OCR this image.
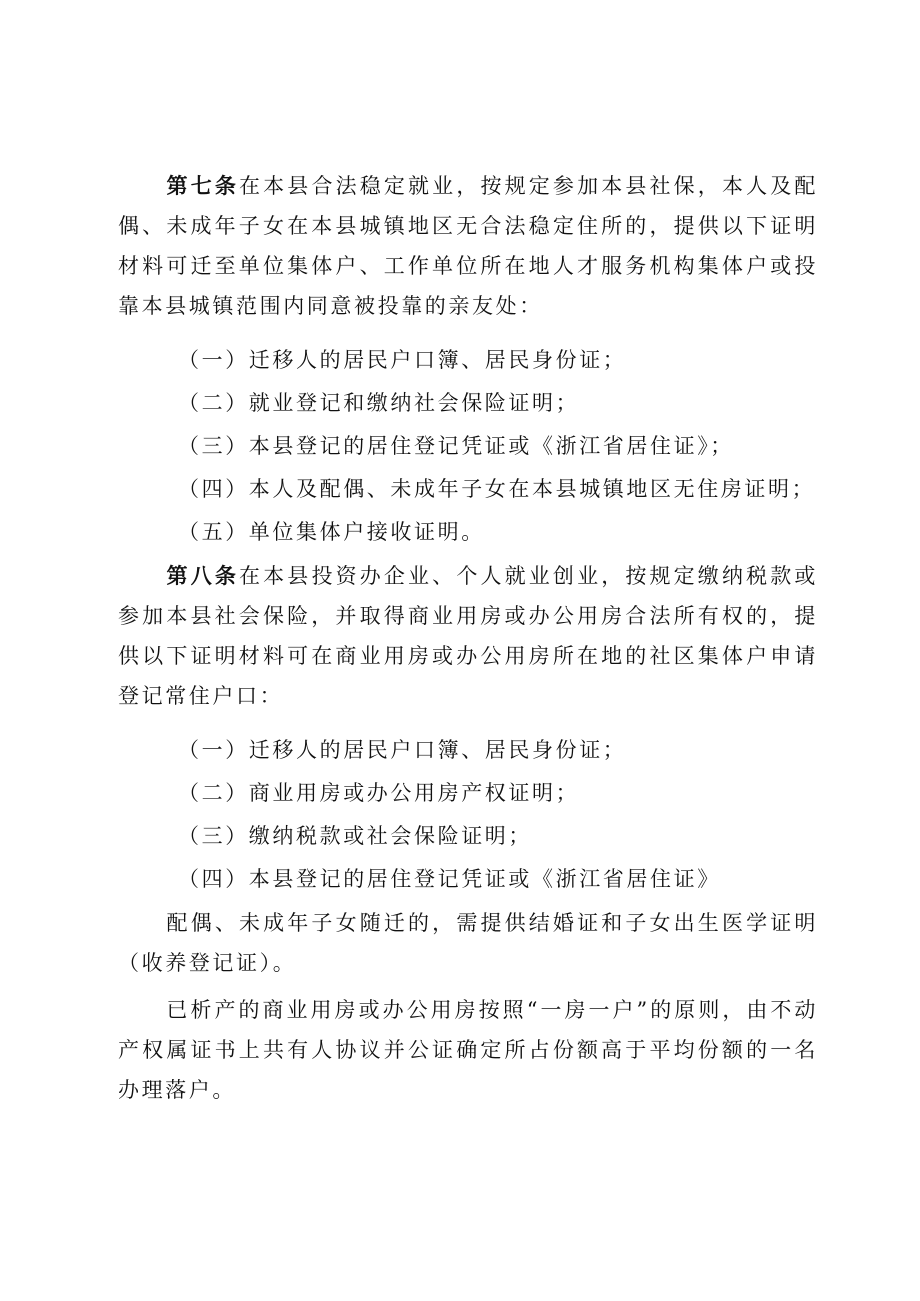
第七条在本县合法稳定就业，按规定参加本县社保，本人及配偶、未成年子女在本县城镇地区无合法稳定住所的，提供以下证明材料可迁至单位集体户、工作单位所在地人才服务机构集体户或投靠本县城镇范围内同意被投靠的亲友处：

（一）迁移人的居民户口簿、居民身份证；

（二）就业登记和缴纳社会保险证明；

（三）本县登记的居住登记凭证或《浙江省居住证》；

（四）本人及配偶、未成年子女在本县城镇地区无住房证明；

（五）单位集体户接收证明。

第八条在本县投资办企业、个人就业创业，按规定缴纳税款或参加本县社会保险，并取得商业用房或办公用房合法所有权的，提供以下证明材料可在商业用房或办公用房所在地的社区集体户申请登记常住户口：

（一）迁移人的居民户口簿、居民身份证；

（二）商业用房或办公用房产权证明；

（三）缴纳税款或社会保险证明；

（四）本县登记的居住登记凭证或《浙江省居住证》

配偶、未成年子女随迁的，需提供结婚证和子女出生医学证明（收养登记证）。

已析产的商业用房或办公用房按照“一房一户”的原则，由不动产权属证书上共有人协议并公证确定所占份额高于平均份额的一名办理落户。
